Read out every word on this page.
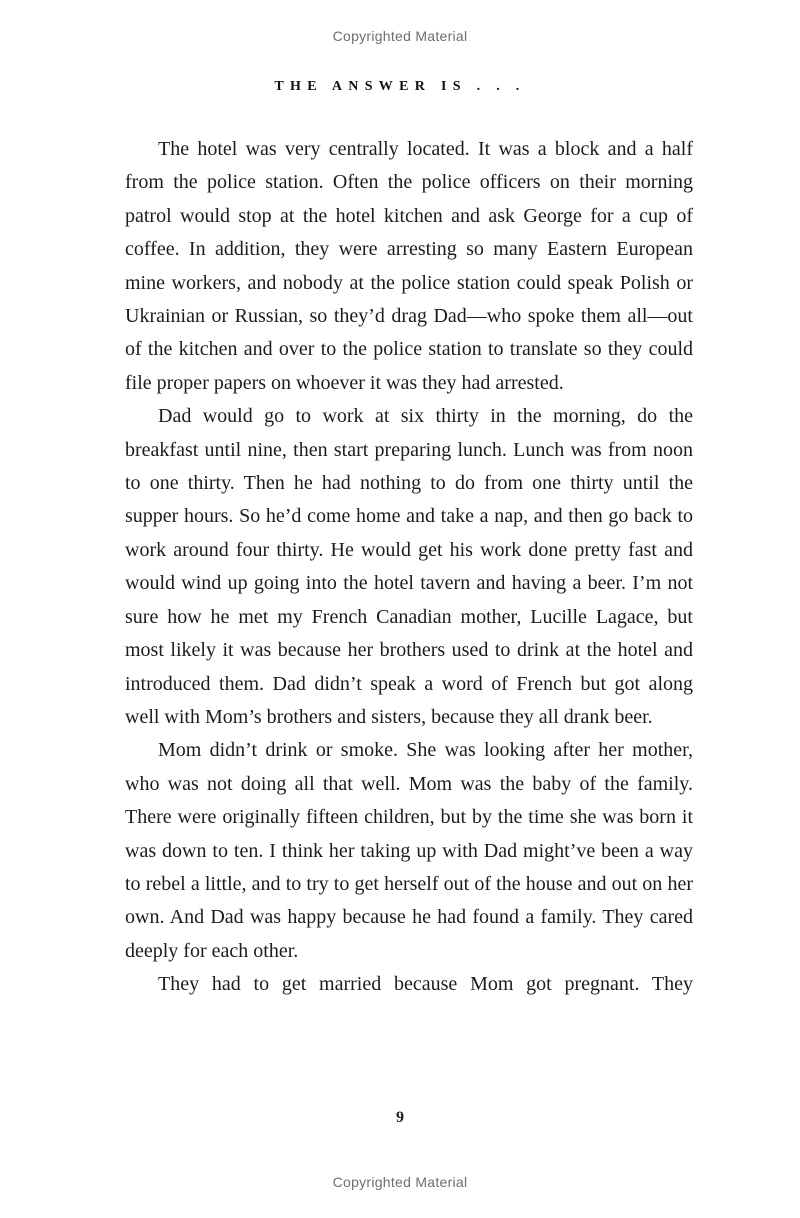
Copyrighted Material
THE ANSWER IS . . .

The hotel was very centrally located. It was a block and a half from the police station. Often the police officers on their morning patrol would stop at the hotel kitchen and ask George for a cup of coffee. In addition, they were arresting so many Eastern European mine workers, and nobody at the police station could speak Polish or Ukrainian or Russian, so they’d drag Dad—who spoke them all—out of the kitchen and over to the police station to translate so they could file proper papers on whoever it was they had arrested.

Dad would go to work at six thirty in the morning, do the breakfast until nine, then start preparing lunch. Lunch was from noon to one thirty. Then he had nothing to do from one thirty until the supper hours. So he’d come home and take a nap, and then go back to work around four thirty. He would get his work done pretty fast and would wind up going into the hotel tavern and having a beer. I’m not sure how he met my French Canadian mother, Lucille Lagace, but most likely it was because her brothers used to drink at the hotel and introduced them. Dad didn’t speak a word of French but got along well with Mom’s brothers and sisters, because they all drank beer.

Mom didn’t drink or smoke. She was looking after her mother, who was not doing all that well. Mom was the baby of the family. There were originally fifteen children, but by the time she was born it was down to ten. I think her taking up with Dad might’ve been a way to rebel a little, and to try to get herself out of the house and out on her own. And Dad was happy because he had found a family. They cared deeply for each other.

They had to get married because Mom got pregnant. They

9
Copyrighted Material
